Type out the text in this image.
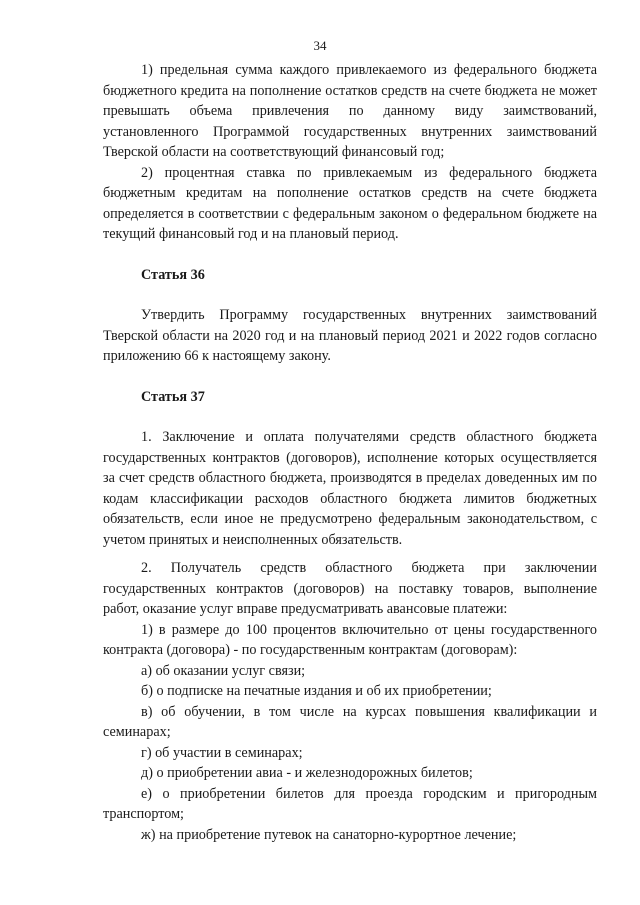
34

1) предельная сумма каждого привлекаемого из федерального бюджета бюджетного кредита на пополнение остатков средств на счете бюджета не может превышать объема привлечения по данному виду заимствований, установленного Программой государственных внутренних заимствований Тверской области на соответствующий финансовый год;

2) процентная ставка по привлекаемым из федерального бюджета бюджетным кредитам на пополнение остатков средств на счете бюджета определяется в соответствии с федеральным законом о федеральном бюджете на текущий финансовый год и на плановый период.

Статья 36

Утвердить Программу государственных внутренних заимствований Тверской области на 2020 год и на плановый период 2021 и 2022 годов согласно приложению 66 к настоящему закону.

Статья 37

1. Заключение и оплата получателями средств областного бюджета государственных контрактов (договоров), исполнение которых осуществляется за счет средств областного бюджета, производятся в пределах доведенных им по кодам классификации расходов областного бюджета лимитов бюджетных обязательств, если иное не предусмотрено федеральным законодательством, с учетом принятых и неисполненных обязательств.

2. Получатель средств областного бюджета при заключении государственных контрактов (договоров) на поставку товаров, выполнение работ, оказание услуг вправе предусматривать авансовые платежи:

1) в размере до 100 процентов включительно от цены государственного контракта (договора) - по государственным контрактам (договорам):

а) об оказании услуг связи;

б) о подписке на печатные издания и об их приобретении;

в) об обучении, в том числе на курсах повышения квалификации и семинарах;

г) об участии в семинарах;

д) о приобретении авиа - и железнодорожных билетов;

е) о приобретении билетов для проезда городским и пригородным транспортом;

ж) на приобретение путевок на санаторно-курортное лечение;
